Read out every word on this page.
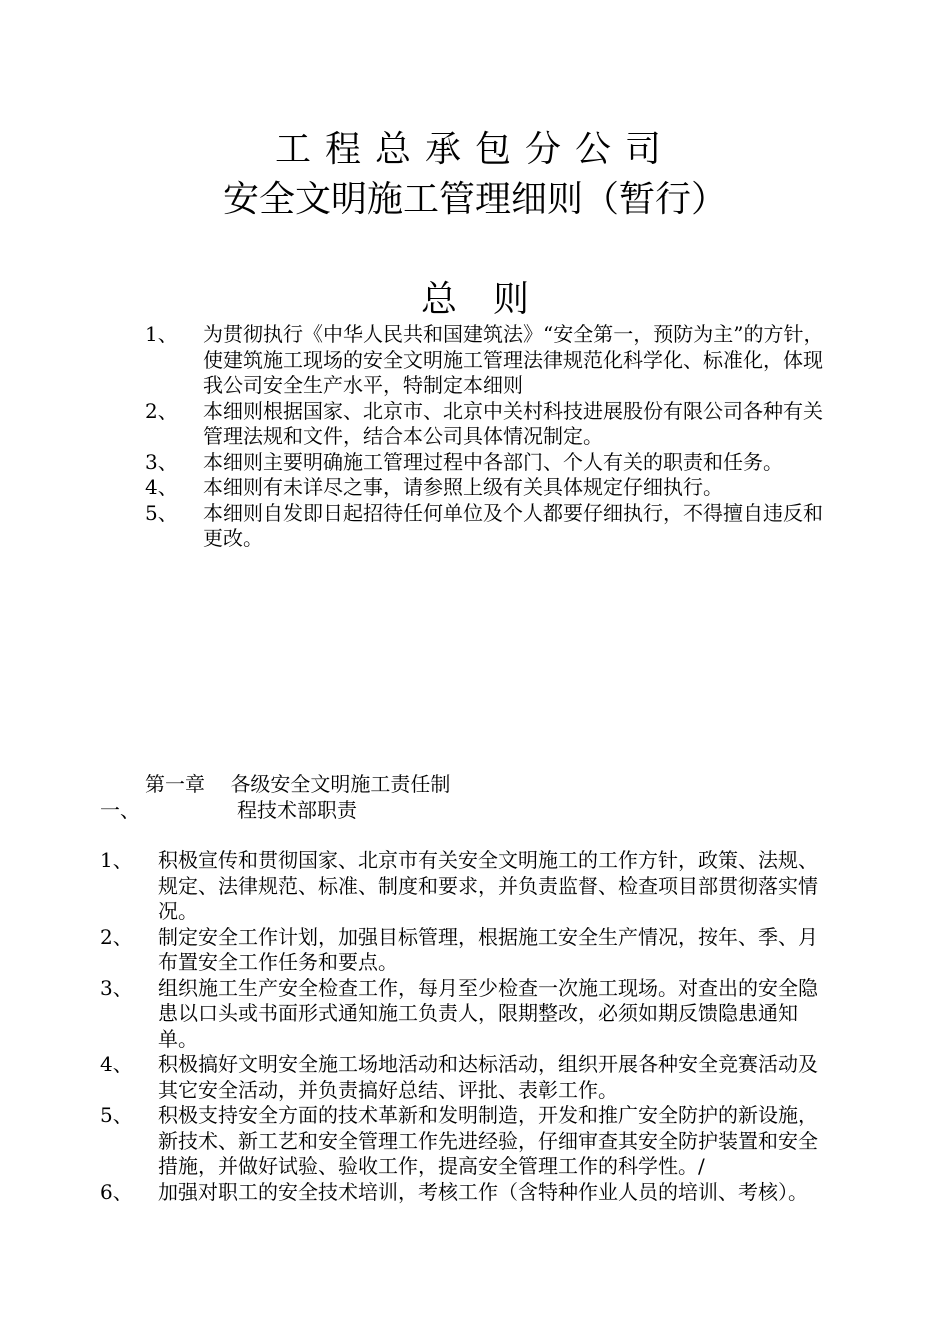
工程总承包分公司
安全文明施工管理细则（暂行）
总则
1、	为贯彻执行《中华人民共和国建筑法》“安全第一，预防为主”的方针，使建筑施工现场的安全文明施工管理法律规范化科学化、标准化，体现我公司安全生产水平，特制定本细则
2、	本细则根据国家、北京市、北京中关村科技进展股份有限公司各种有关管理法规和文件，结合本公司具体情况制定。
3、	本细则主要明确施工管理过程中各部门、个人有关的职责和任务。
4、	本细则有未详尽之事，请参照上级有关具体规定仔细执行。
5、	本细则自发即日起招待任何单位及个人都要仔细执行，不得擅自违反和更改。
第一章 各级安全文明施工责任制
一、	程技术部职责
1、	积极宣传和贯彻国家、北京市有关安全文明施工的工作方针，政策、法规、规定、法律规范、标准、制度和要求，并负责监督、检查项目部贯彻落实情况。
2、	制定安全工作计划，加强目标管理，根据施工安全生产情况，按年、季、月布置安全工作任务和要点。
3、	组织施工生产安全检查工作，每月至少检查一次施工现场。对查出的安全隐患以口头或书面形式通知施工负责人，限期整改，必须如期反馈隐患通知单。
4、	积极搞好文明安全施工场地活动和达标活动，组织开展各种安全竞赛活动及其它安全活动，并负责搞好总结、评批、表彰工作。
5、	积极支持安全方面的技术革新和发明制造，开发和推广安全防护的新设施，新技术、新工艺和安全管理工作先进经验，仔细审查其安全防护装置和安全措施，并做好试验、验收工作，提高安全管理工作的科学性。/
6、	加强对职工的安全技术培训，考核工作（含特种作业人员的培训、考核）。
